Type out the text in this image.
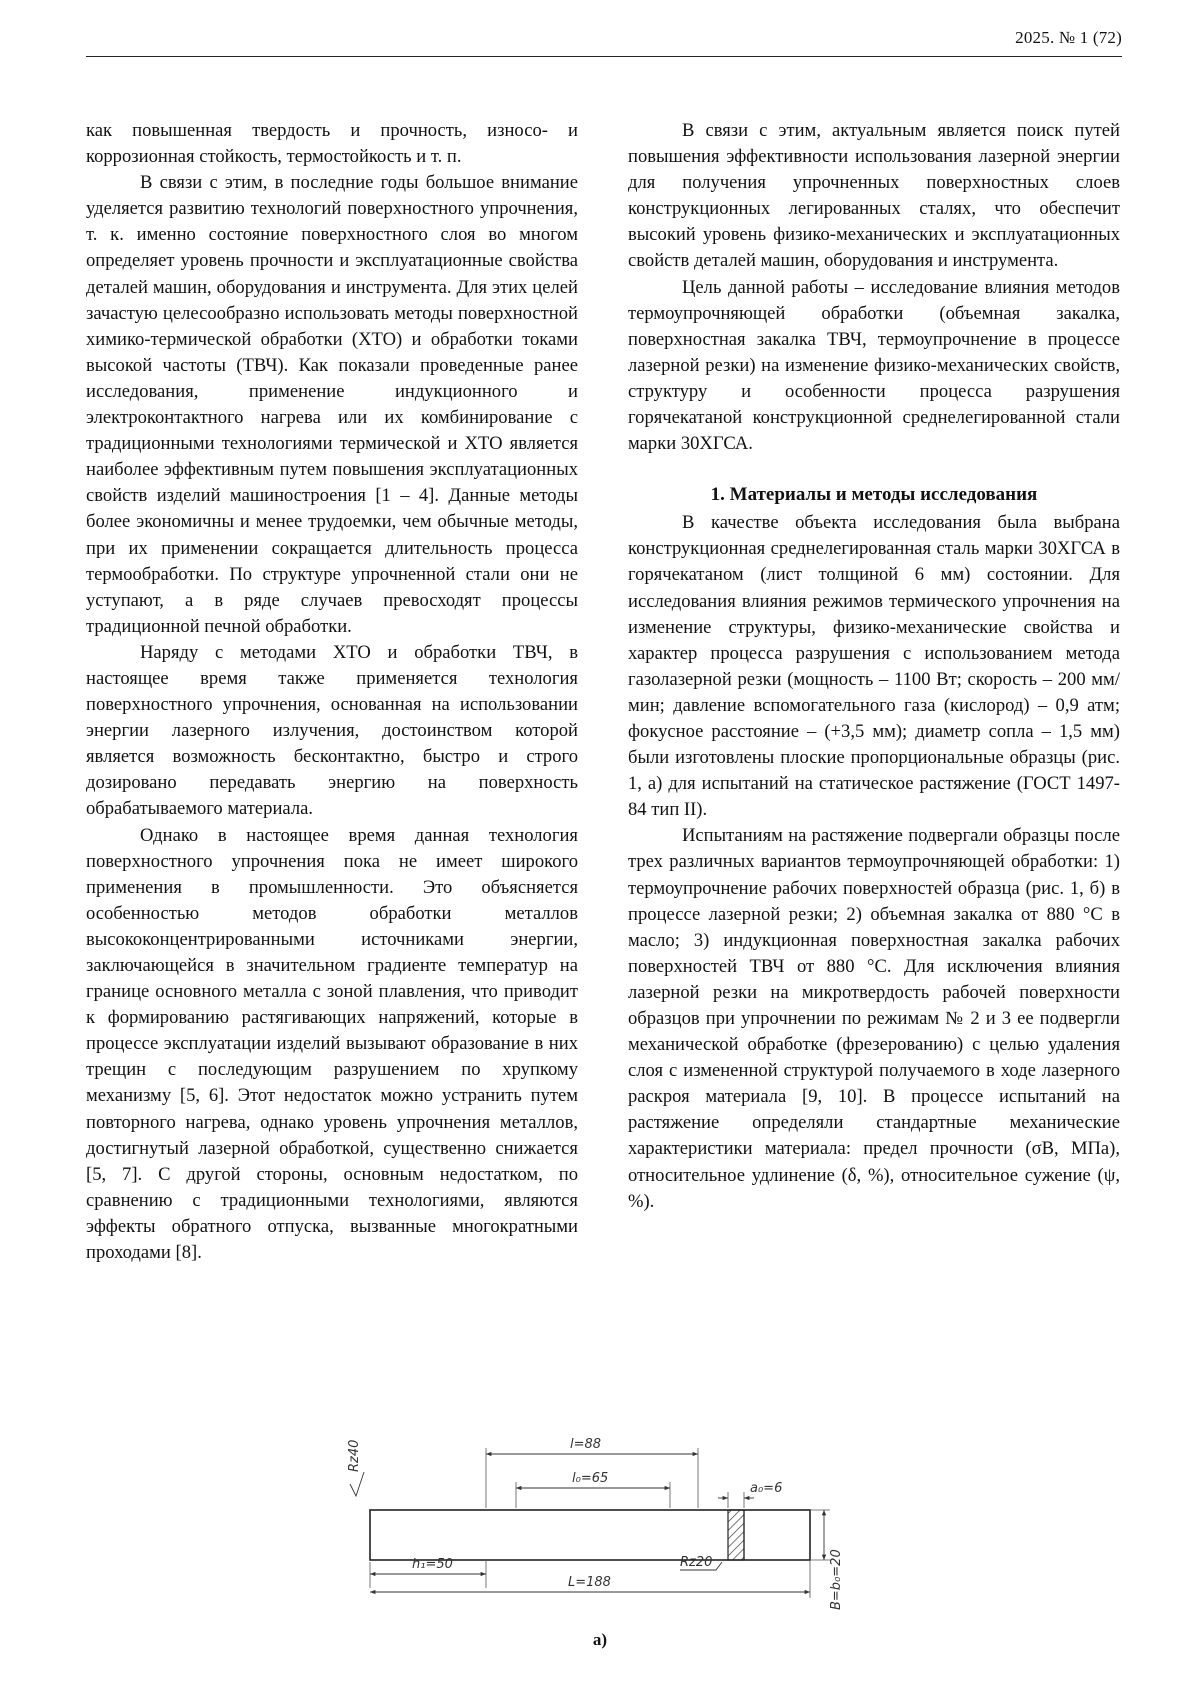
2025. № 1 (72)

как повышенная твердость и прочность, износо- и коррозионная стойкость, термостойкость и т. п.

В связи с этим, в последние годы большое внимание уделяется развитию технологий поверхностного упрочнения, т. к. именно состояние поверхностного слоя во многом определяет уровень прочности и эксплуатационные свойства деталей машин, оборудования и инструмента. Для этих целей зачастую целесообразно использовать методы поверхностной химико-термической обработки (ХТО) и обработки токами высокой частоты (ТВЧ). Как показали проведенные ранее исследования, применение индукционного и электроконтактного нагрева или их комбинирование с традиционными технологиями термической и ХТО является наиболее эффективным путем повышения эксплуатационных свойств изделий машиностроения [1 – 4]. Данные методы более экономичны и менее трудоемки, чем обычные методы, при их применении сокращается длительность процесса термообработки. По структуре упрочненной стали они не уступают, а в ряде случаев превосходят процессы традиционной печной обработки.

Наряду с методами ХТО и обработки ТВЧ, в настоящее время также применяется технология поверхностного упрочнения, основанная на использовании энергии лазерного излучения, достоинством которой является возможность бесконтактно, быстро и строго дозировано передавать энергию на поверхность обрабатываемого материала.

Однако в настоящее время данная технология поверхностного упрочнения пока не имеет широкого применения в промышленности. Это объясняется особенностью методов обработки металлов высококонцентрированными источниками энергии, заключающейся в значительном градиенте температур на границе основного металла с зоной плавления, что приводит к формированию растягивающих напряжений, которые в процессе эксплуатации изделий вызывают образование в них трещин с последующим разрушением по хрупкому механизму [5, 6]. Этот недостаток можно устранить путем повторного нагрева, однако уровень упрочнения металлов, достигнутый лазерной обработкой, существенно снижается [5, 7]. С другой стороны, основным недостатком, по сравнению с традиционными технологиями, являются эффекты обратного отпуска, вызванные многократными проходами [8].

В связи с этим, актуальным является поиск путей повышения эффективности использования лазерной энергии для получения упрочненных поверхностных слоев конструкционных легированных сталях, что обеспечит высокий уровень физико-механических и эксплуатационных свойств деталей машин, оборудования и инструмента.

Цель данной работы – исследование влияния методов термоупрочняющей обработки (объемная закалка, поверхностная закалка ТВЧ, термоупрочнение в процессе лазерной резки) на изменение физико-механических свойств, структуру и особенности процесса разрушения горячекатаной конструкционной среднелегированной стали марки 30ХГСА.

1. Материалы и методы исследования

В качестве объекта исследования была выбрана конструкционная среднелегированная сталь марки 30ХГСА в горячекатаном (лист толщиной 6 мм) состоянии. Для исследования влияния режимов термического упрочнения на изменение структуры, физико-механические свойства и характер процесса разрушения с использованием метода газолазерной резки (мощность – 1100 Вт; скорость – 200 мм/мин; давление вспомогательного газа (кислород) – 0,9 атм; фокусное расстояние – (+3,5 мм); диаметр сопла – 1,5 мм) были изготовлены плоские пропорциональные образцы (рис. 1, а) для испытаний на статическое растяжение (ГОСТ 1497-84 тип II).

Испытаниям на растяжение подвергали образцы после трех различных вариантов термоупрочняющей обработки: 1) термоупрочнение рабочих поверхностей образца (рис. 1, б) в процессе лазерной резки; 2) объемная закалка от 880 °С в масло; 3) индукционная поверхностная закалка рабочих поверхностей ТВЧ от 880 °С. Для исключения влияния лазерной резки на микротвердость рабочей поверхности образцов при упрочнении по режимам № 2 и 3 ее подвергли механической обработке (фрезерованию) с целью удаления слоя с измененной структурой получаемого в ходе лазерного раскроя материала [9, 10]. В процессе испытаний на растяжение определяли стандартные механические характеристики материала: предел прочности (σВ, МПа), относительное удлинение (δ, %), относительное сужение (ψ, %).

l=88
l₀=65
a₀=6
Rz40
h₁=50
L=188
Rz20	B=b₀=20
а)
